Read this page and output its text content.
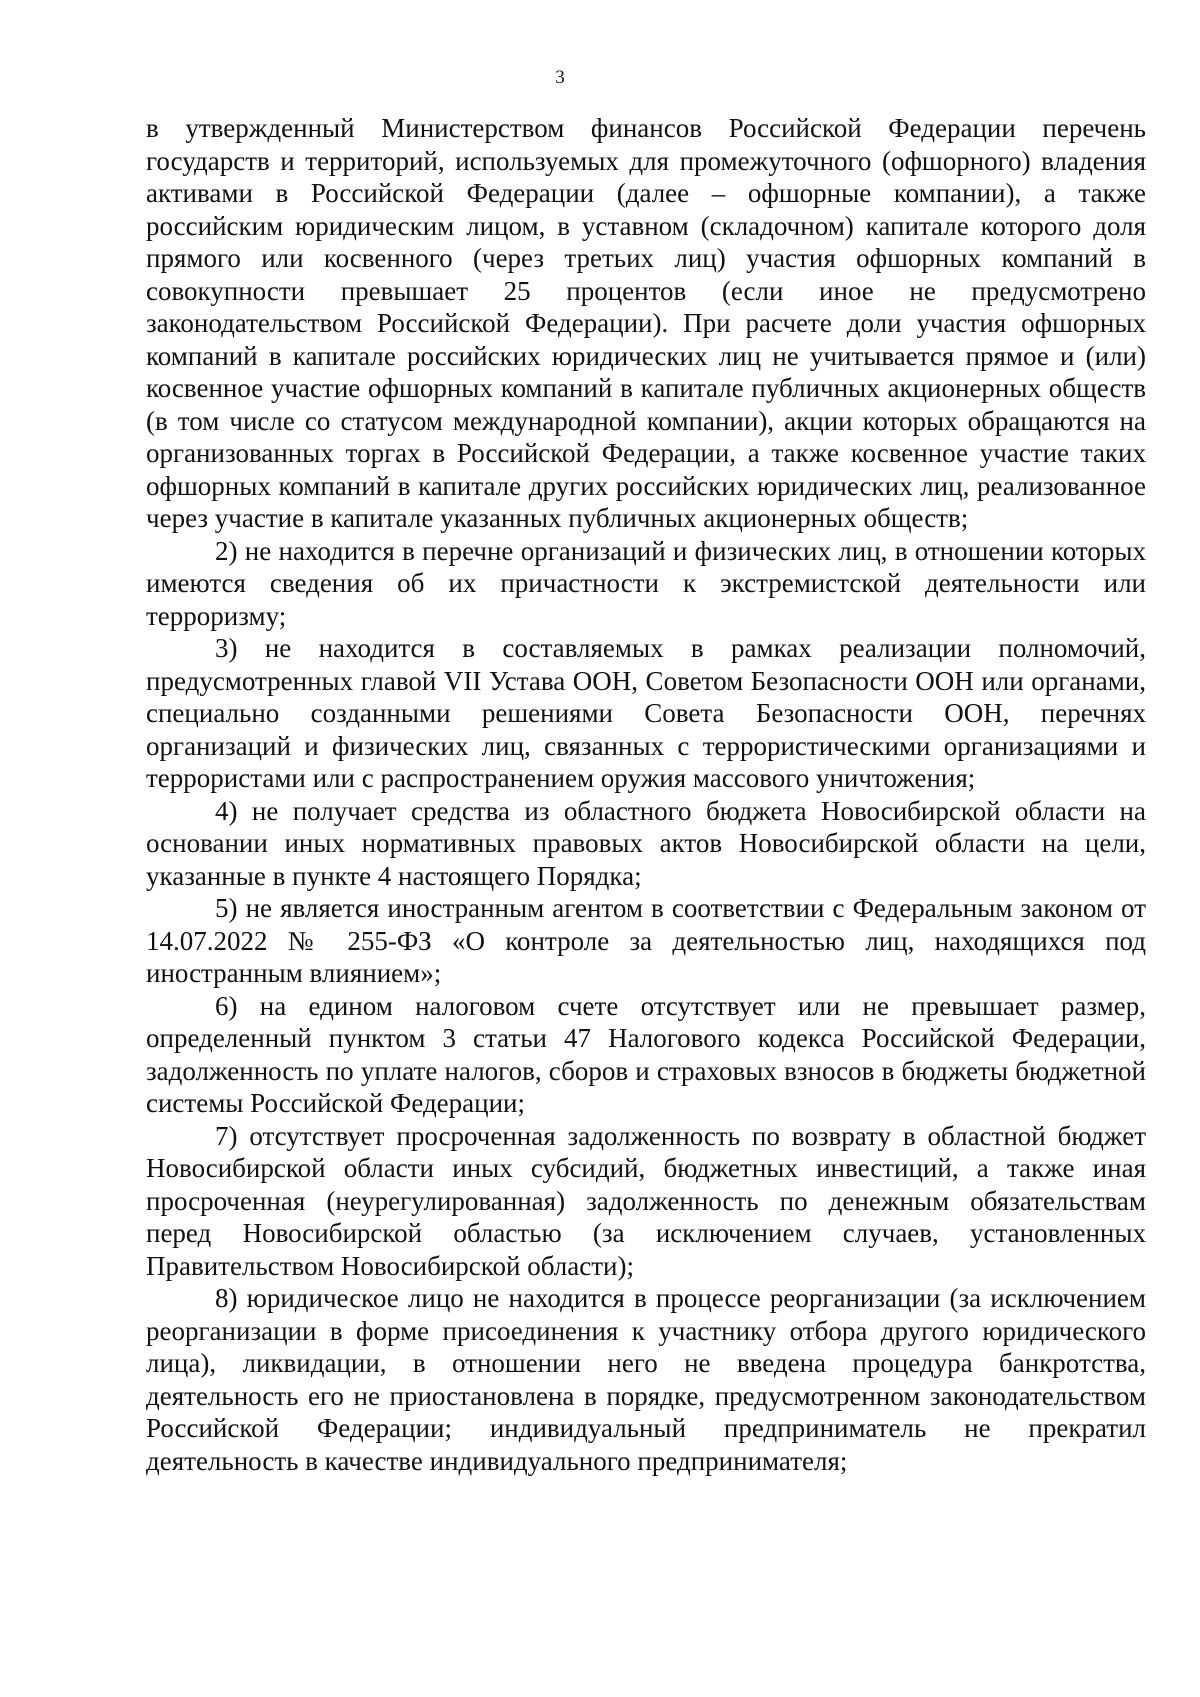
3

в утвержденный Министерством финансов Российской Федерации перечень государств и территорий, используемых для промежуточного (офшорного) владения активами в Российской Федерации (далее – офшорные компании), а также российским юридическим лицом, в уставном (складочном) капитале которого доля прямого или косвенного (через третьих лиц) участия офшорных компаний в совокупности превышает 25 процентов (если иное не предусмотрено законодательством Российской Федерации). При расчете доли участия офшорных компаний в капитале российских юридических лиц не учитывается прямое и (или) косвенное участие офшорных компаний в капитале публичных акционерных обществ (в том числе со статусом международной компании), акции которых обращаются на организованных торгах в Российской Федерации, а также косвенное участие таких офшорных компаний в капитале других российских юридических лиц, реализованное через участие в капитале указанных публичных акционерных обществ;

2) не находится в перечне организаций и физических лиц, в отношении которых имеются сведения об их причастности к экстремистской деятельности или терроризму;

3) не находится в составляемых в рамках реализации полномочий, предусмотренных главой VII Устава ООН, Советом Безопасности ООН или органами, специально созданными решениями Совета Безопасности ООН, перечнях организаций и физических лиц, связанных с террористическими организациями и террористами или с распространением оружия массового уничтожения;

4) не получает средства из областного бюджета Новосибирской области на основании иных нормативных правовых актов Новосибирской области на цели, указанные в пункте 4 настоящего Порядка;

5) не является иностранным агентом в соответствии с Федеральным законом от 14.07.2022 № 255-ФЗ «О контроле за деятельностью лиц, находящихся под иностранным влиянием»;

6) на едином налоговом счете отсутствует или не превышает размер, определенный пунктом 3 статьи 47 Налогового кодекса Российской Федерации, задолженность по уплате налогов, сборов и страховых взносов в бюджеты бюджетной системы Российской Федерации;

7) отсутствует просроченная задолженность по возврату в областной бюджет Новосибирской области иных субсидий, бюджетных инвестиций, а также иная просроченная (неурегулированная) задолженность по денежным обязательствам перед Новосибирской областью (за исключением случаев, установленных Правительством Новосибирской области);

8) юридическое лицо не находится в процессе реорганизации (за исключением реорганизации в форме присоединения к участнику отбора другого юридического лица), ликвидации, в отношении него не введена процедура банкротства, деятельность его не приостановлена в порядке, предусмотренном законодательством Российской Федерации; индивидуальный предприниматель не прекратил деятельность в качестве индивидуального предпринимателя;
